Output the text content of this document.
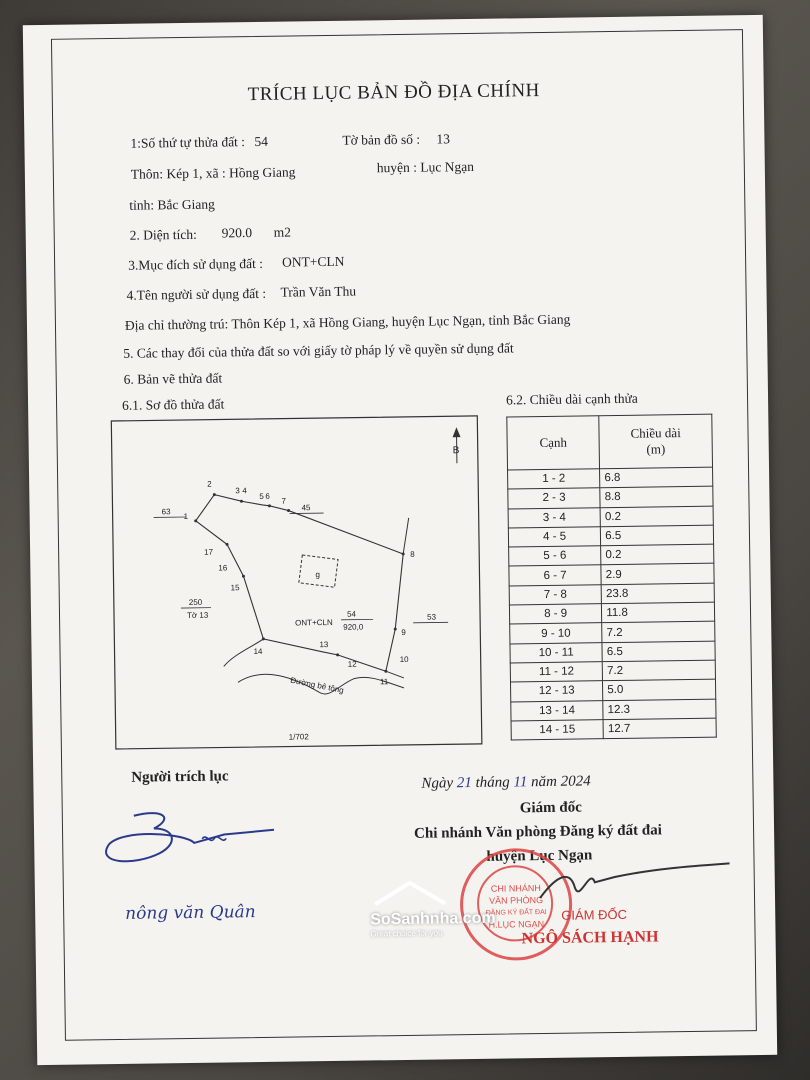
TRÍCH LỤC BẢN ĐỒ ĐỊA CHÍNH
1:Số thứ tự thửa đất : 54	Tờ bản đồ số : 13
Thôn: Kép 1, xã : Hồng Giang	huyện : Lục Ngạn
tỉnh: Bắc Giang
2. Diện tích: 920.0 m2
3.Mục đích sử dụng đất : ONT+CLN
4.Tên người sử dụng đất : Trần Văn Thu
Địa chỉ thường trú: Thôn Kép 1, xã Hồng Giang, huyện Lục Ngạn, tỉnh Bắc Giang
5. Các thay đổi của thửa đất so với giấy tờ pháp lý về quyền sử dụng đất
6. Bản vẽ thửa đất
6.1. Sơ đồ thửa đất	6.2. Chiều dài cạnh thửa
B
g
63	45
53
250
Tờ 13
ONT+CLN
54
920,0
Đường bê tông
1/702
1
2
3 4
5 6
7
8
9
10
11
12
13
14
15
16
17
Cạnh	Chiều dài
(m)
1 - 2	6.8
2 - 3	8.8
3 - 4	0.2
4 - 5	6.5
5 - 6	0.2
6 - 7	2.9
7 - 8	23.8
8 - 9	11.8
9 - 10	7.2
10 - 11	6.5
11 - 12	7.2
12 - 13	5.0
13 - 14	12.3
14 - 15	12.7
Người trích lục
nông văn Quân
Ngày 21 tháng 11 năm 2024
Giám đốc
Chi nhánh Văn phòng Đăng ký đất đai
huyện Lục Ngạn
CHI NHÁNH
VĂN PHÒNG
ĐĂNG KÝ ĐẤT ĐAI
H.LỤC NGẠN
GIÁM ĐỐC
NGÔ SÁCH HẠNH
SoSanhnha.com
Great choice for you
